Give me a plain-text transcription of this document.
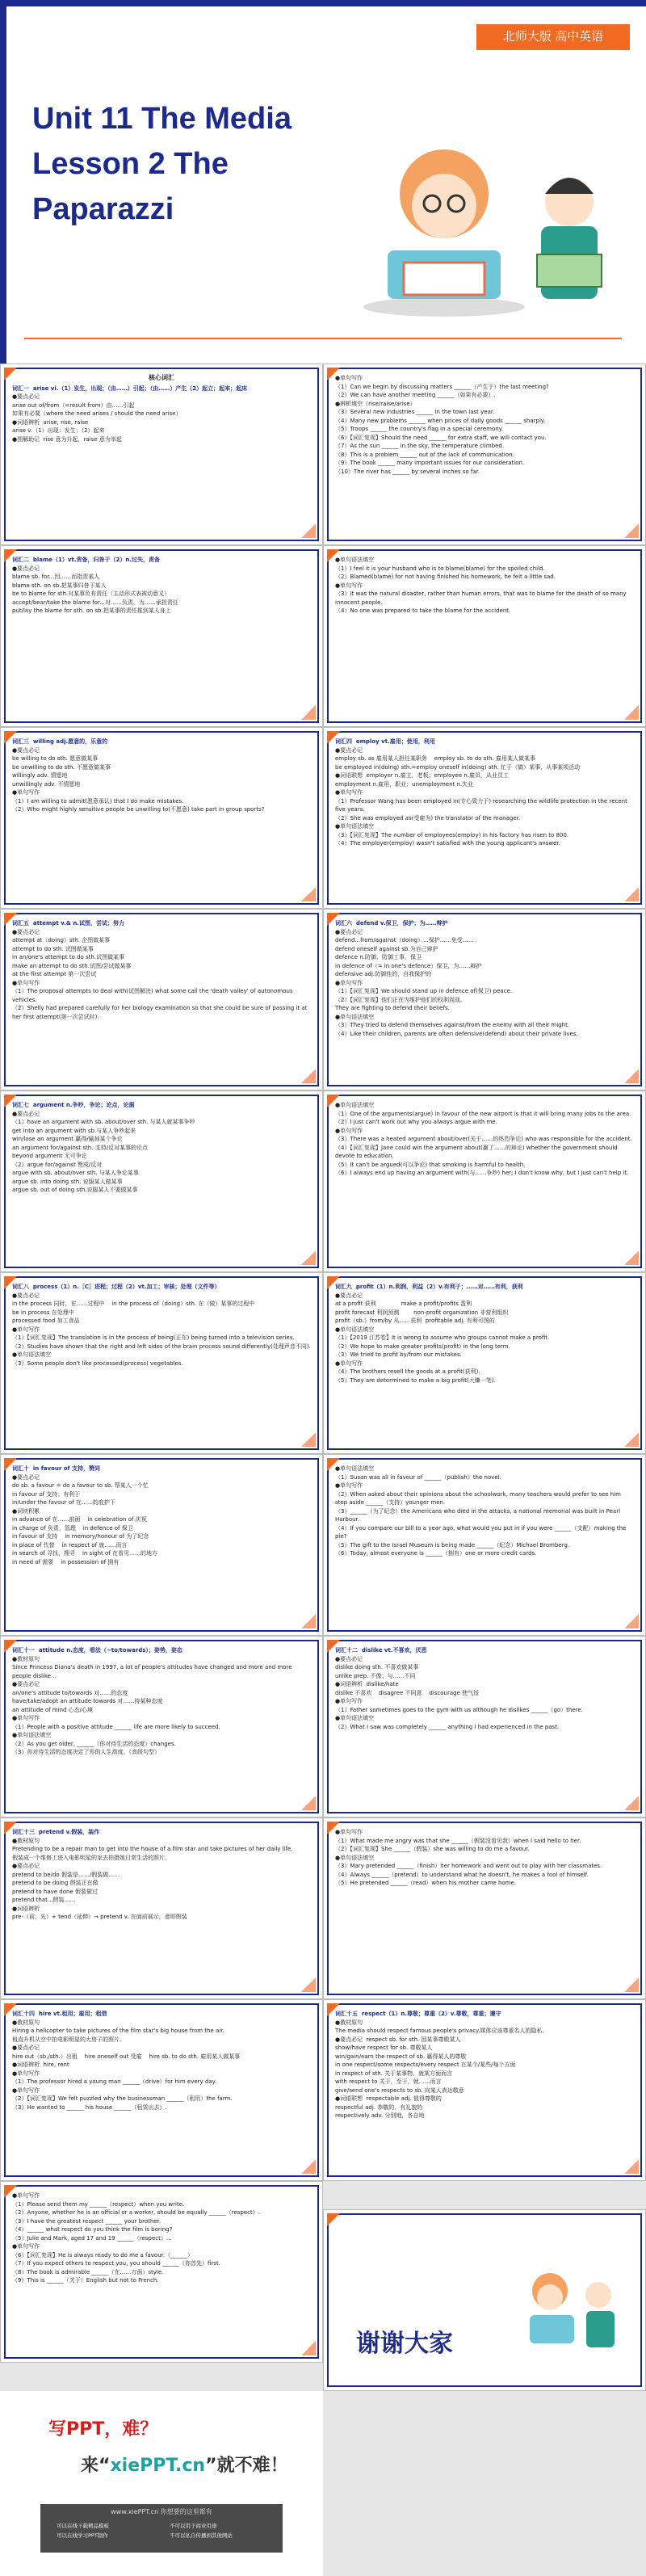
北师大版 高中英语
Unit 11 The Media
Lesson 2 The
Paparazzi
核心词汇

词汇一  arise vi.（1）发生，出现；（由……）引起；（由……）产生（2）起立；起来；起床

●要点必记

arise out of/from（=result from）由……引起

如果有必要（where the need arises / should the need arise）

●词语辨析  arise, rise, raise

arise v.（1）出现；发生；（2）起来

●图解助记  rise 意为升起，raise 意为举起

●单句写作

（1）Can we begin by discussing matters ______（产生于）the last meeting?

（2）We can have another meeting ______（如果有必要）.

●辨析填空（rise/raise/arise）

（3）Several new industries ______ in the town last year.

（4）Many new problems ______ when prices of daily goods ______ sharply.

（5）Troops ______ the country's flag in a special ceremony.

（6）【词汇复现】Should the need ______ for extra staff, we will contact you.

（7）As the sun ______ in the sky, the temperature climbed.

（8）This is a problem ______ out of the lack of communication.

（9）The book ______ many important issues for our consideration.

（10）The river has ______ by several inches so far.

词汇二  blame（1）vt.责备，归咎于（2）n.过失，责备

●要点必记

blame sb. for...因……而指责某人

blame sth. on sb.把某事归咎于某人

be to blame for sth.对某事负有责任（主动形式表被动意义）

accept/bear/take the blame for...对……负责，为……承担责任

put/lay the blame for sth. on sb.把某事的责任推到某人身上

●单句语法填空

（1）I feel it is your husband who is to blame(blame) for the spoiled child.

（2）Blamed(blame) for not having finished his homework, he felt a little sad.

●单句写作

（3）It was the natural disaster, rather than human errors, that was to blame for the death of so many innocent people.

（4）No one was prepared to take the blame for the accident.

词汇三  willing adj.愿意的，乐意的

●要点必记

be willing to do sth. 愿意做某事

be unwilling to do sth. 不愿意做某事

willingly adv. 情愿地

unwillingly adv. 不情愿地

●单句写作

（1）I am willing to admit(愿意承认) that I do make mistakes.

（2）Who might highly sensitive people be unwilling to(不愿意) take part in group sports?

词汇四  employ vt.雇用；使用，利用

●要点必记

employ sb. as 雇用某人担任某职务    employ sb. to do sth. 雇用某人做某事

be employed in(doing) sth.=employ oneself in(doing) sth. 忙于（做）某事，从事某项活动

●词语联想  employer n.雇主，老板；employee n.雇员，从业员工

employment n.雇用，职业；unemployment n.失业

●单句写作

（1）Professor Wang has been employed in(专心致力于) researching the wildlife protection in the recent five years.

（2）She was employed as(受雇为) the translator of the manager.

●单句语法填空

（3）【词汇复现】The number of employees(employ) in his factory has risen to 800.

（4）The employer(employ) wasn't satisfied with the young applicant's answer.

词汇五  attempt v.& n.试图，尝试；努力

●要点必记

attempt at（doing）sth. 企图做某事

attempt to do sth. 试图做某事

in an/one's attempt to do sth.试图做某事

make an attempt to do sth.试图/尝试做某事

at the first attempt 第一次尝试

●单句写作

（1）The proposal attempts to deal with(试图解决) what some call the 'death valley' of autonomous vehicles.

（2）Shelly had prepared carefully for her biology examination so that she could be sure of passing it at her first attempt(第一次尝试时).

词汇六  defend v.保卫，保护；为……辩护

●要点必记

defend...from/against（doing）...保护……免受……

defend oneself against sb.为自己辩护

defence n.防御，防御工事，保卫

in defence of（= in one's defence）保卫，为……辩护

defensive adj.防御性的，自我保护的

●单句写作

（1）【词汇复现】We should stand up in defence of(保卫) peace.

（2）【词汇复现】他们正在为维护他们的权利而战。

They are fighting to defend their beliefs.

●单句语法填空

（3）They tried to defend themselves against/from the enemy with all their might.

（4）Like their children, parents are often defensive(defend) about their private lives.

词汇七  argument n.争吵，争论；论点，论据

●要点必记

（1）have an argument with sb. about/over sth. 与某人就某事争吵

get into an argument with sb.与某人争吵起来

win/lose an argument 赢得/输掉某个争论

an argument for/against sth. 支持/反对某事的论点

beyond argument 无可争论

（2）argue for/against 赞成/反对

argue with sb. about/over sth. 与某人争论某事

argue sb. into doing sth. 说服某人做某事

argue sb. out of doing sth.说服某人不要做某事

●单句语法填空

（1）One of the arguments(argue) in favour of the new airport is that it will bring many jobs to the area.

（2）I just can't work out why you always argue with me.

●单句写作

（3）There was a heated argument about/over(关于……的热烈争论) who was responsible for the accident.

（4）【词汇复现】Jane could win the argument about(赢了……的辩论) whether the government should devote to education.

（5）It can't be argued(可以争论) that smoking is harmful to health.

（6）I always end up having an argument with(与……争吵) her; I don't know why, but I just can't help it.

词汇八  process（1）n.［C］进程；过程（2）vt.加工；审核；处理（文件等）

●要点必记

in the process 同时，在……过程中    in the process of（doing）sth. 在（做）某事的过程中

be in process 在处理中

processed food 加工食品

●单句写作

（1）【词汇复现】The translation is in the process of being(正在) being turned into a television series.

（2）Studies have shown that the right and left sides of the brain process sound differently(处理声音不同).

●单句语法填空

（3）Some people don't like processed(process) vegetables.

词汇九  profit（1）n.利润，利益（2）v.有利于；……对……有利，获利

●要点必记

at a profit 获利              make a profit/profits 盈利

profit forecast 利润预测        non-profit organization 非营利组织

profit（sb.）from/by 从……获利  profitable adj. 有利可图的

●单句语法填空

（1）【2019 江苏卷】It is wrong to assume who groups cannot make a profit.

（2）We hope to make greater profits(profit) in the long term.

（3）We tried to profit by/from our mistakes.

●单句写作

（4）The brothers resell the goods at a profit(获利).

（5）They are determined to make a big profit(大赚一笔).

词汇十  in favour of 支持，赞同

●要点必记

do sb. a favour = do a favour to sb. 帮某人一个忙

in favour of 支持；有利于

in/under the favour of 在……的庇护下

●词块积累

in advance of 在……前面    in celebration of 庆祝

in charge of 负责，管理    in defence of 保卫

in favour of 支持    in memory/honour of 为了纪念

in place of 代替    in respect of 就……而言

in search of 寻找，搜寻    in sight of 在看见……的地方

in need of 需要    in possession of 拥有

●单句语法填空

（1）Susan was all in favour of ______（publish）the novel.

●单句写作

（2）When asked about their opinions about the schoolwork, many teachers would prefer to see him step aside ______（支持）younger men.

（3）______（为了纪念）the Americans who died in the attacks, a national memorial was built in Pearl Harbour.

（4）If you compare our bill to a year ago, what would you put in if you were ______（支配）making the pie?

（5）The gift to the Israel Museum is being made ______（纪念）Michael Bromberg.

（6）Today, almost everyone is ______（拥有）one or more credit cards.

词汇十一  attitude n.态度，看法（~to/towards）；姿势，姿态

●教材原句

Since Princess Diana's death in 1997, a lot of people's attitudes have changed and more and more people dislike...

●要点必记

an/one's attitude to/towards 对……的态度

have/take/adopt an attitude towards 对……持某种态度

an attitude of mind 心态/心境

●单句写作

（1）People with a positive attitude ______ life are more likely to succeed.

●单句语法填空

（2）As you get older, ______（你对待生活的态度）changes.

（3）你对待生活的态度决定了你的人生高度。（高级句型）

词汇十二  dislike vt.不喜欢，厌恶

●要点必记

dislike doing sth. 不喜欢做某事

unlike prep. 不像；与……不同

●词语辨析  dislike/hate

dislike 不喜欢    disagree 不同意    discourage 使气馁

●单句写作

（1）Father sometimes goes to the gym with us although he dislikes ______（go）there.

●单句语法填空

（2）What I saw was completely ______ anything I had experienced in the past.

词汇十三  pretend v.假装，装作

●教材原句

Pretending to be a repair man to get into the house of a film star and take pictures of her daily life.

假装成一个维修工进入电影明星的家去拍摄她日常生活的照片。

●要点必记

pretend to be/do 假装是……/假装做……

pretend to be doing 假装正在做

pretend to have done 假装做过

pretend that...假装……

●词语辨析

pre-（前，先）+ tend（延伸）→ pretend v. 在面前展示，意即假装

●单句写作

（1）What made me angry was that she ______（假装没看见我）when I said hello to her.

（2）【词汇复现】She ______（假装）she was willing to do me a favour.

●单句语法填空

（3）Mary pretended ______（finish）her homework and went out to play with her classmates.

（4）Always ______（pretend）to understand what he doesn't, he makes a fool of himself.

（5）He pretended ______（read）when his mother came home.

词汇十四  hire vt.租用；雇用；租借

●教材原句

Hiring a helicopter to take pictures of the film star's big house from the air.

租直升机从空中拍电影明星的大房子的照片。

●要点必记

hire out（sb./sth.）出租    hire oneself out 受雇    hire sb. to do sth. 雇用某人做某事

●词语辨析  hire, rent

●单句写作

（1）The professor hired a young man ______（drive）for him every day.

●单句写作

（2）【词汇复现】We felt puzzled why the businessman ______（租用）the farm.

（3）He wanted to ______ his house ______（租赁出去）.

词汇十五  respect（1）n.尊敬；尊重（2）v.尊敬，尊重；遵守

●教材原句

The media should respect famous people's privacy.媒体应该尊重名人的隐私。

●要点必记  respect sb. for sth. 因某事尊敬某人

show/have respect for sb. 尊敬某人

win/gain/earn the respect of sb. 赢得某人的尊敬

in one respect/some respects/every respect 在某个/某些/每个方面

in respect of sth. 关于某事物，就某方面而言

with respect to 关于，至于，就……而言

give/send one's respects to sb. 向某人表达敬意

●词语联想  respectable adj. 值得尊敬的

respectful adj. 恭敬的，有礼貌的

respectively adv. 分别地，各自地

●单句写作

（1）Please send them my ______（respect）when you write.

（2）Anyone, whether he is an official or a worker, should be equally ______（respect）.

（3）I have the greatest respect ______ your brother.

（4）______ what respect do you think the film is boring?

（5）Julie and Mark, aged 17 and 19 ______（respect）...

●单句写作

（6）【词汇复现】He is always ready to do me a favour.（______）

（7）If you expect others to respect you, you should ______（你首先）first.

（8）The book is admirable ______（在……方面）style.

（9）This is ______（关于）English but not to French.

谢谢大家
写PPT，难？
来“xiePPT.cn”就不难！
www.xiePPT.cn 你想要的这里都有
可以在线下载精品模板
可以在线学习PPT制作
不可以用于商业用途
不可以私自传播到其他网站
